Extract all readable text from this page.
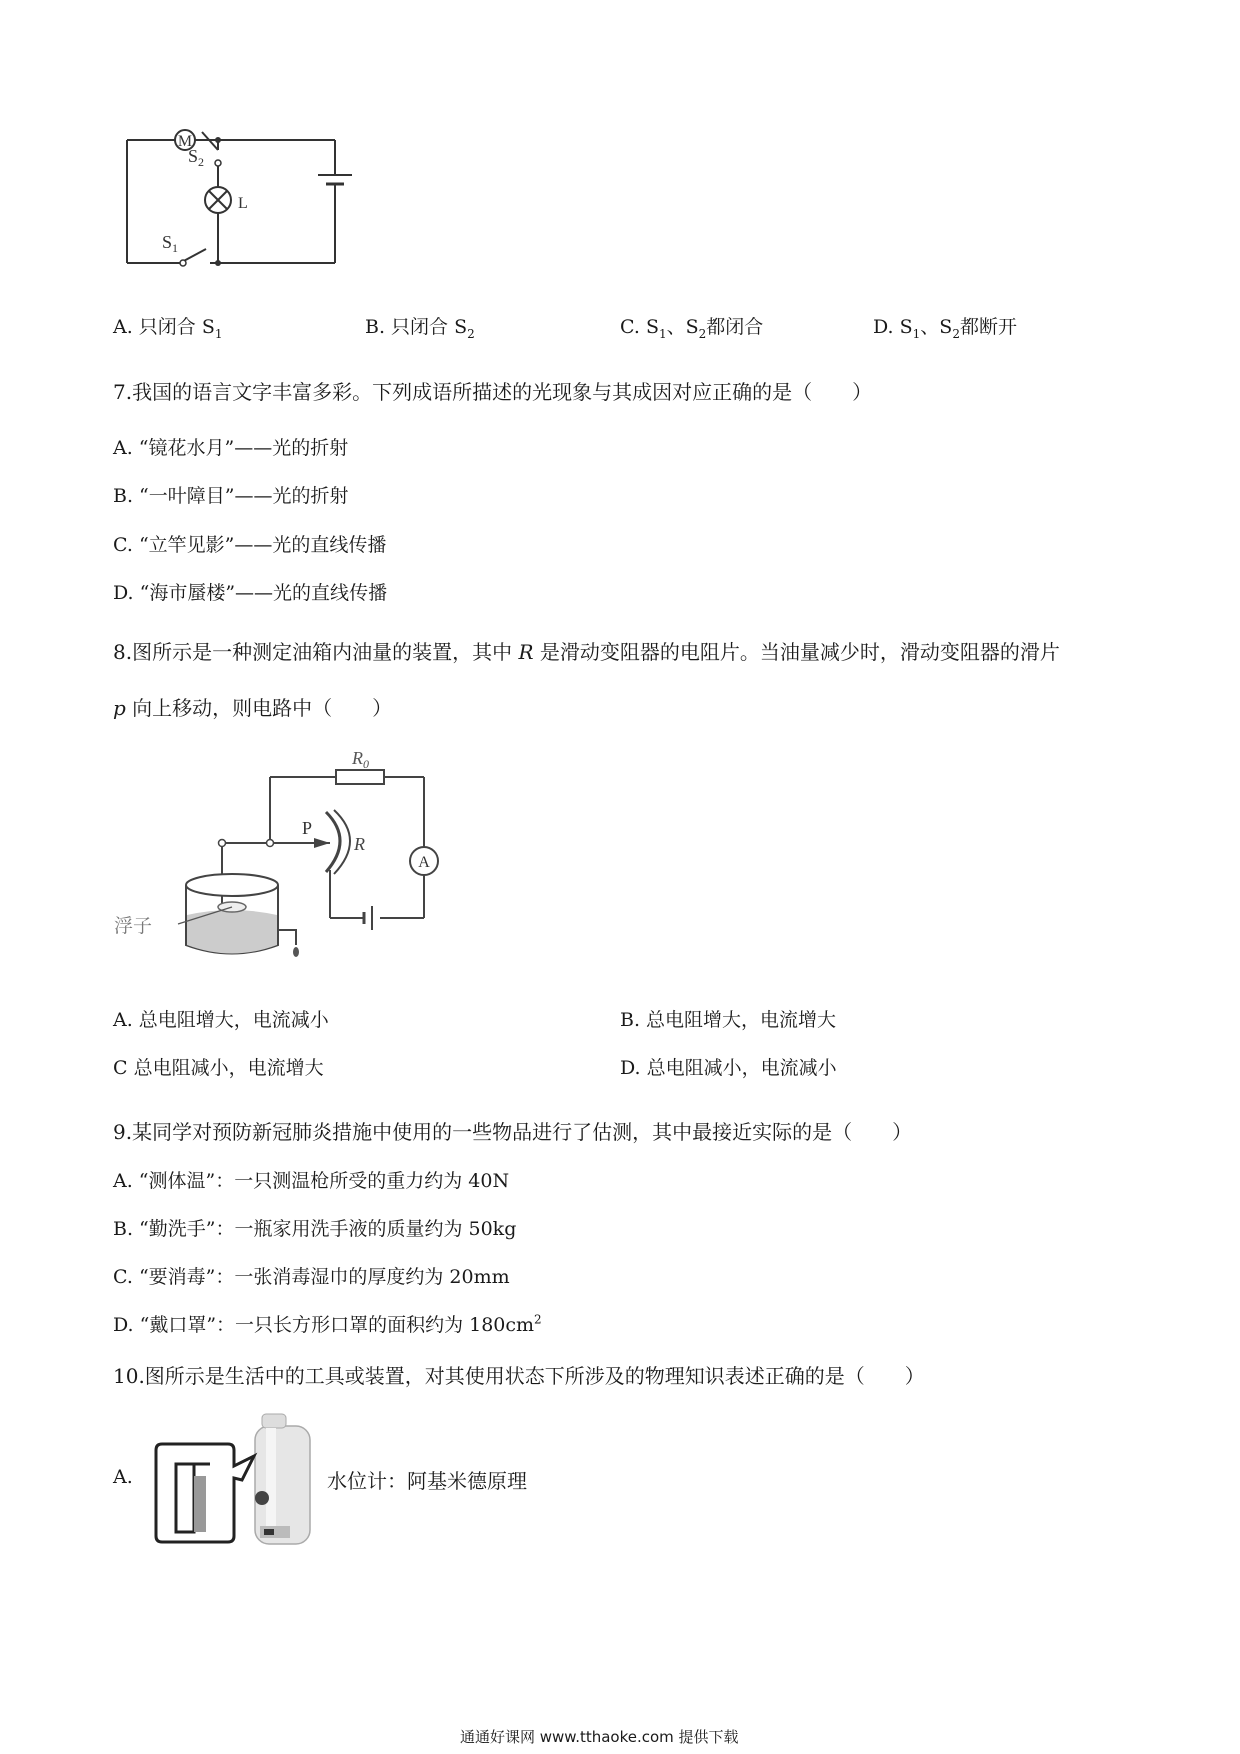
M
$S_2$
L
$S_1$
A. 只闭合 $S_1$	B. 只闭合 $S_2$	C. $S_1$、$S_2$都闭合	D. $S_1$、$S_2$都断开
7.我国的语言文字丰富多彩。下列成语所描述的光现象与其成因对应正确的是（　　）
A. “镜花水月”——光的折射
B. “一叶障目”——光的折射
C. “立竿见影”——光的直线传播
D. “海市蜃楼”——光的直线传播
8.图所示是一种测定油箱内油量的装置，其中 R 是滑动变阻器的电阻片。当油量减少时，滑动变阻器的滑片
p 向上移动，则电路中（　　）
$R_0$
P
R
A
浮子
A. 总电阻增大，电流减小	B. 总电阻增大，电流增大
C 总电阻减小，电流增大	D. 总电阻减小，电流减小
9.某同学对预防新冠肺炎措施中使用的一些物品进行了估测，其中最接近实际的是（　　）
A. “测体温”：一只测温枪所受的重力约为 40N
B. “勤洗手”：一瓶家用洗手液的质量约为 50kg
C. “要消毒”：一张消毒湿巾的厚度约为 20mm
D. “戴口罩”：一只长方形口罩的面积约为 $180cm^2$
10.图所示是生活中的工具或装置，对其使用状态下所涉及的物理知识表述正确的是（　　）
A.	水位计：阿基米德原理
通通好课网 www.tthaoke.com 提供下载
